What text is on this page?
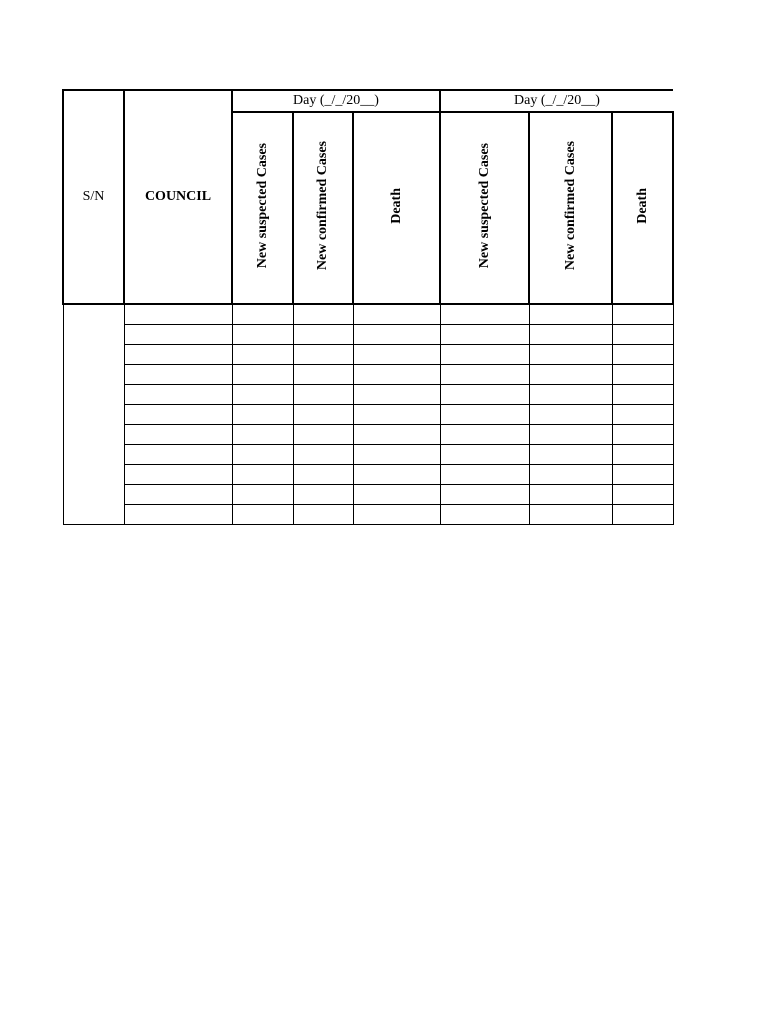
S/N	COUNCIL	Day (_/_/20__)			Day (_/_/20__)		
		New suspected Cases	New confirmed Cases	Death	New suspected Cases	New confirmed Cases	Death
